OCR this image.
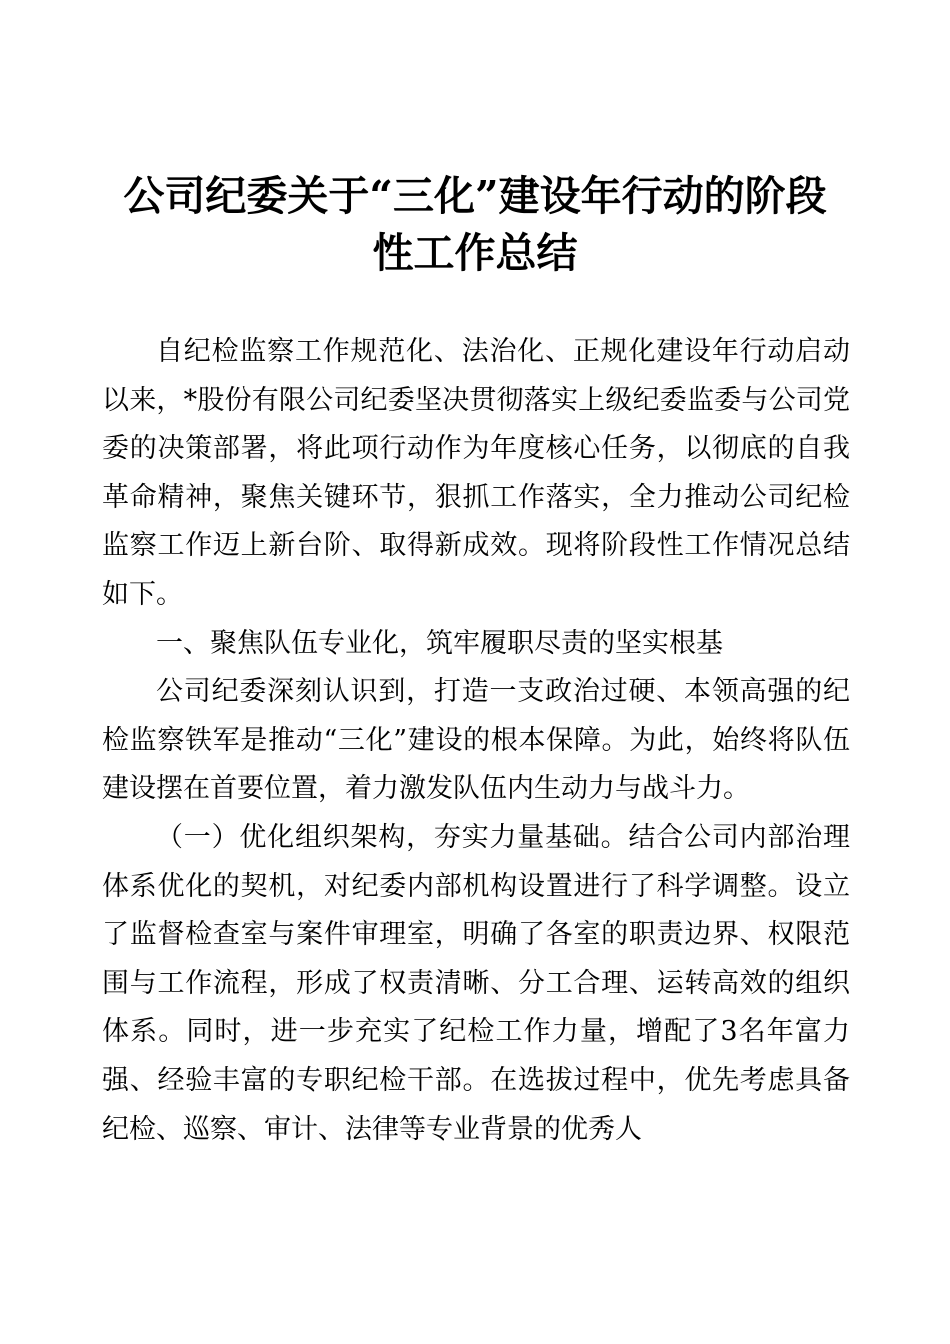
公司纪委关于“三化”建设年行动的阶段
性工作总结

自纪检监察工作规范化、法治化、正规化建设年行动启动以来，*股份有限公司纪委坚决贯彻落实上级纪委监委与公司党委的决策部署，将此项行动作为年度核心任务，以彻底的自我革命精神，聚焦关键环节，狠抓工作落实，全力推动公司纪检监察工作迈上新台阶、取得新成效。现将阶段性工作情况总结如下。

一、聚焦队伍专业化，筑牢履职尽责的坚实根基

公司纪委深刻认识到，打造一支政治过硬、本领高强的纪检监察铁军是推动“三化”建设的根本保障。为此，始终将队伍建设摆在首要位置，着力激发队伍内生动力与战斗力。

（一）优化组织架构，夯实力量基础。结合公司内部治理体系优化的契机，对纪委内部机构设置进行了科学调整。设立了监督检查室与案件审理室，明确了各室的职责边界、权限范围与工作流程，形成了权责清晰、分工合理、运转高效的组织体系。同时，进一步充实了纪检工作力量，增配了3名年富力强、经验丰富的专职纪检干部。在选拔过程中，优先考虑具备纪检、巡察、审计、法律等专业背景的优秀人
